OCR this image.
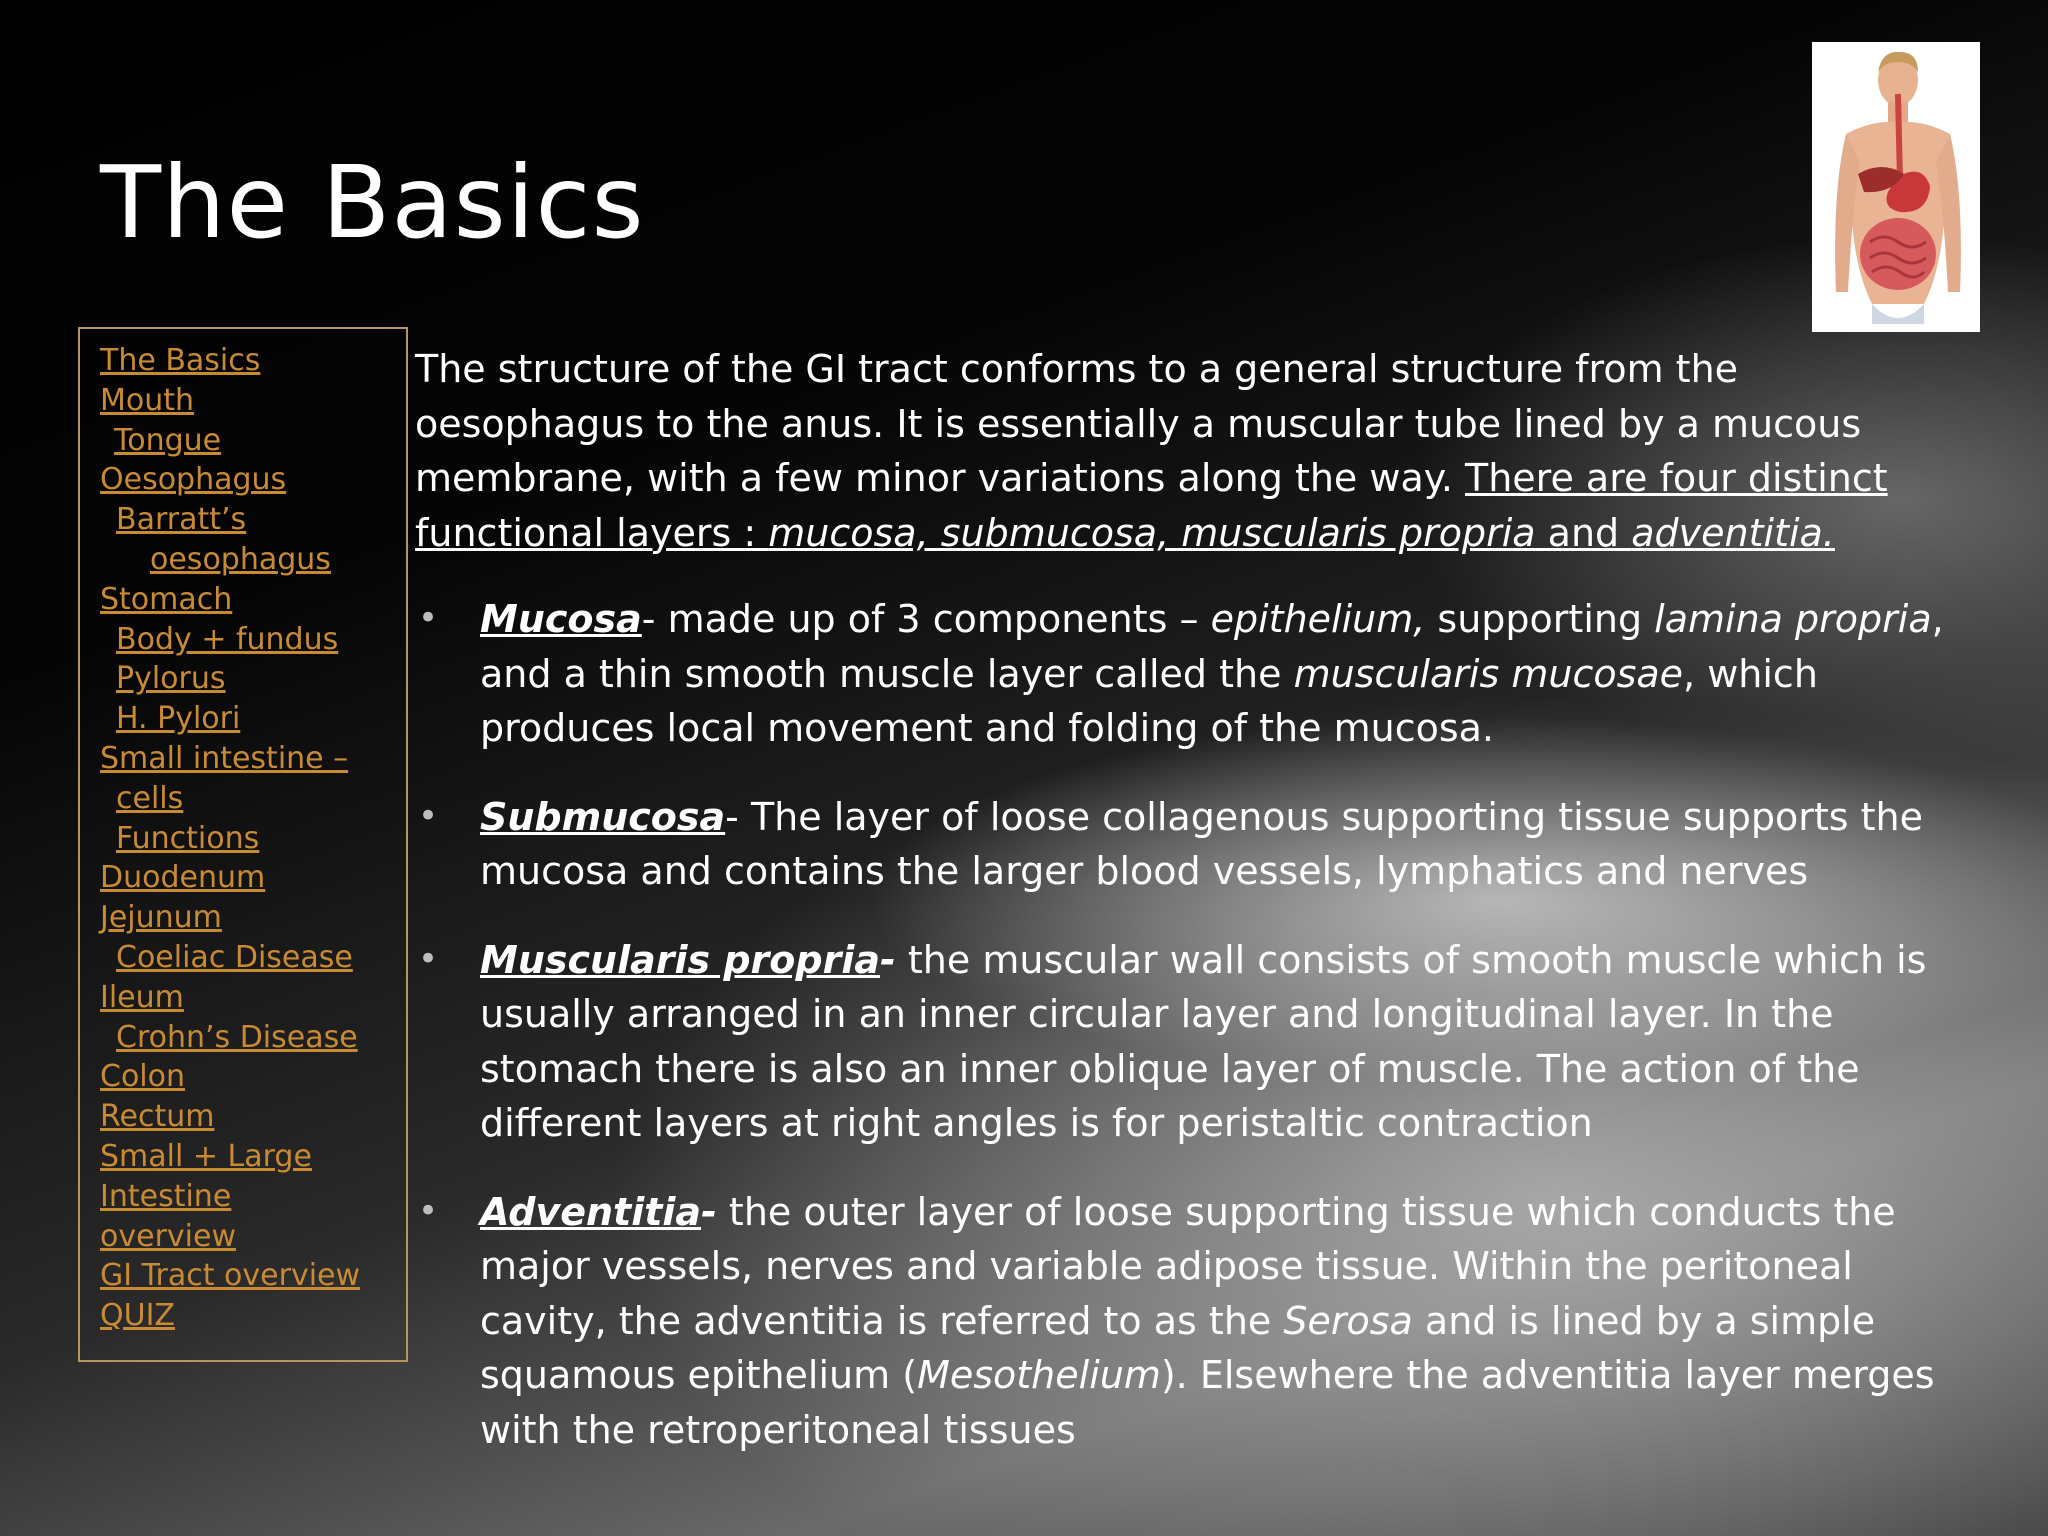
The Basics
The Basics
Mouth
Tongue
Oesophagus
Barratt’s
oesophagus
Stomach
Body + fundus
Pylorus
H. Pylori
Small intestine –
cells
Functions
Duodenum
Jejunum
Coeliac Disease
Ileum
Crohn’s Disease
Colon
Rectum
Small + Large
Intestine
overview
GI Tract overview
QUIZ

The structure of the GI tract conforms to a general structure from the oesophagus to the anus. It is essentially a muscular tube lined by a mucous membrane, with a few minor variations along the way. There are four distinct functional layers : mucosa, submucosa, muscularis propria and adventitia.

• Mucosa- made up of 3 components – epithelium, supporting lamina propria, and a thin smooth muscle layer called the muscularis mucosae, which produces local movement and folding of the mucosa.
• Submucosa- The layer of loose collagenous supporting tissue supports the mucosa and contains the larger blood vessels, lymphatics and nerves
• Muscularis propria- the muscular wall consists of smooth muscle which is usually arranged in an inner circular layer and longitudinal layer. In the stomach there is also an inner oblique layer of muscle. The action of the different layers at right angles is for peristaltic contraction
• Adventitia- the outer layer of loose supporting tissue which conducts the major vessels, nerves and variable adipose tissue. Within the peritoneal cavity, the adventitia is referred to as the Serosa and is lined by a simple squamous epithelium (Mesothelium). Elsewhere the adventitia layer merges with the retroperitoneal tissues
